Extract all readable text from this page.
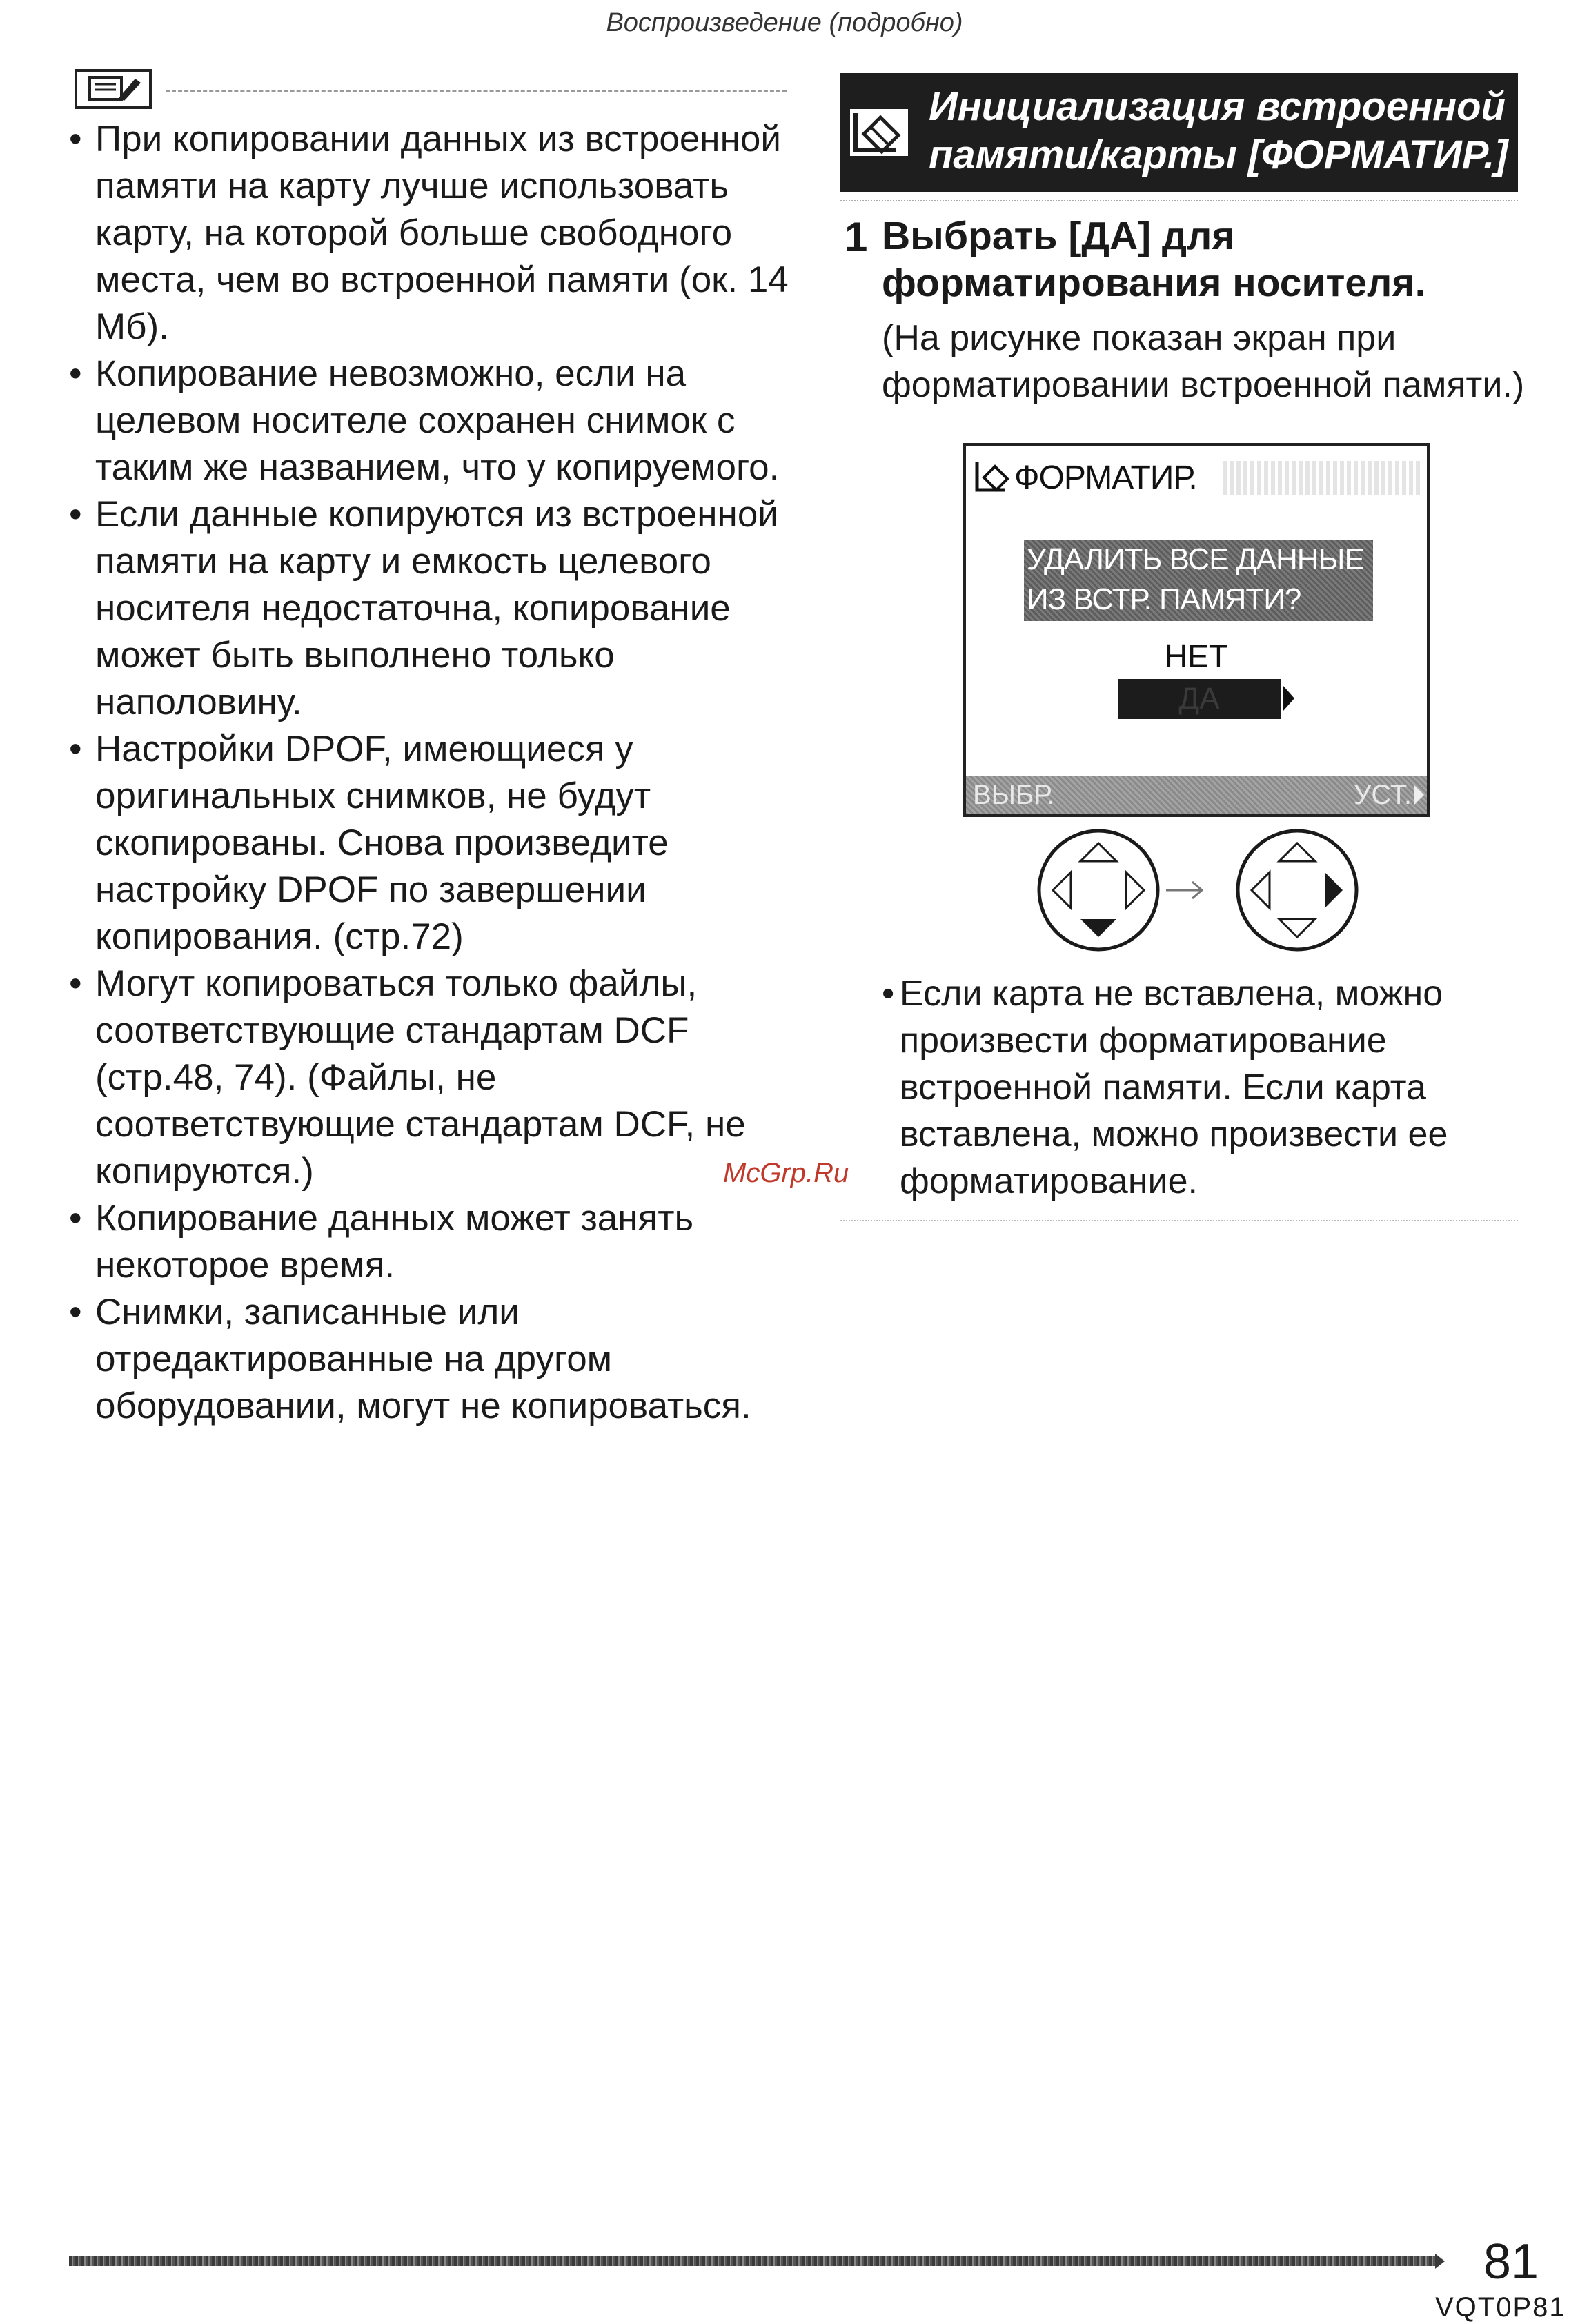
Воспроизведение (подробно)

• При копировании данных из встроенной памяти на карту лучше использовать карту, на которой больше свободного места, чем во встроенной памяти (ок. 14 Мб).

• Копирование невозможно, если на целевом носителе сохранен снимок с таким же названием, что у копируемого.

• Если данные копируются из встроенной памяти на карту и емкость целевого носителя недостаточна, копирование может быть выполнено только наполовину.

• Настройки DPOF, имеющиеся у оригинальных снимков, не будут скопированы. Снова произведите настройку DPOF по завершении копирования. (стр.72)

• Могут копироваться только файлы, соответствующие стандартам DCF (стр.48, 74). (Файлы, не соответствующие стандартам DCF, не копируются.)

• Копирование данных может занять некоторое время.

• Снимки, записанные или отредактированные на другом оборудовании, могут не копироваться.

Инициализация встроенной памяти/карты [ФОРМАТИР.]
1 Выбрать [ДА] для форматирования носителя.
(На рисунке показан экран при форматировании встроенной памяти.)
ФОРМАТИР.
УДАЛИТЬ ВСЕ ДАННЫЕ
ИЗ ВСТР. ПАМЯТИ?
НЕТ
ДА
ВЫБР.	УСТ.

• Если карта не вставлена, можно произвести форматирование встроенной памяти. Если карта вставлена, можно произвести ее форматирование.

McGrp.Ru
81
VQT0P81
